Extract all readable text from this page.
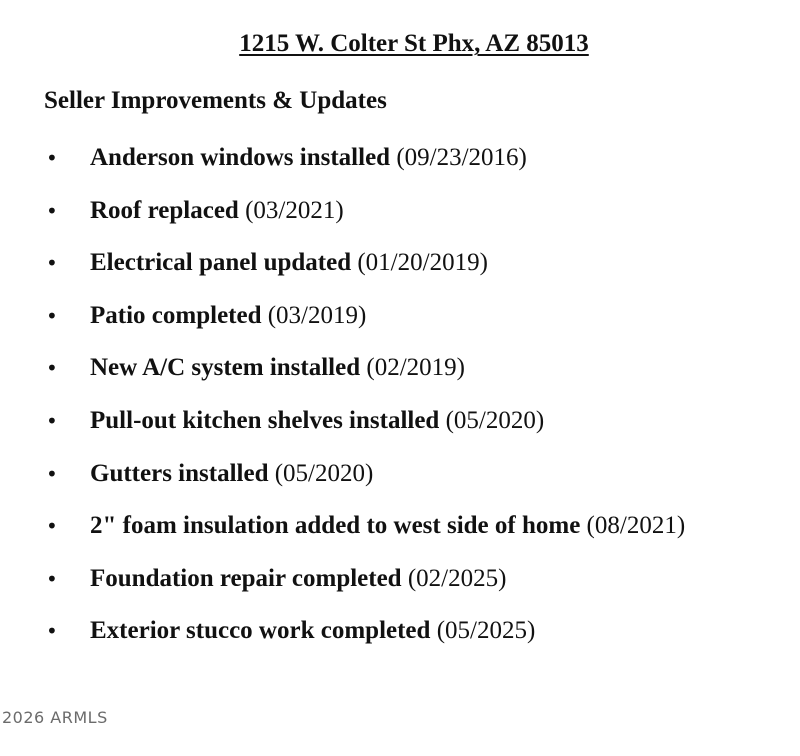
1215 W. Colter St Phx, AZ 85013
Seller Improvements & Updates
• Anderson windows installed (09/23/2016)
• Roof replaced (03/2021)
• Electrical panel updated (01/20/2019)
• Patio completed (03/2019)
• New A/C system installed (02/2019)
• Pull-out kitchen shelves installed (05/2020)
• Gutters installed (05/2020)
• 2" foam insulation added to west side of home (08/2021)
• Foundation repair completed (02/2025)
• Exterior stucco work completed (05/2025)
2026 ARMLS
